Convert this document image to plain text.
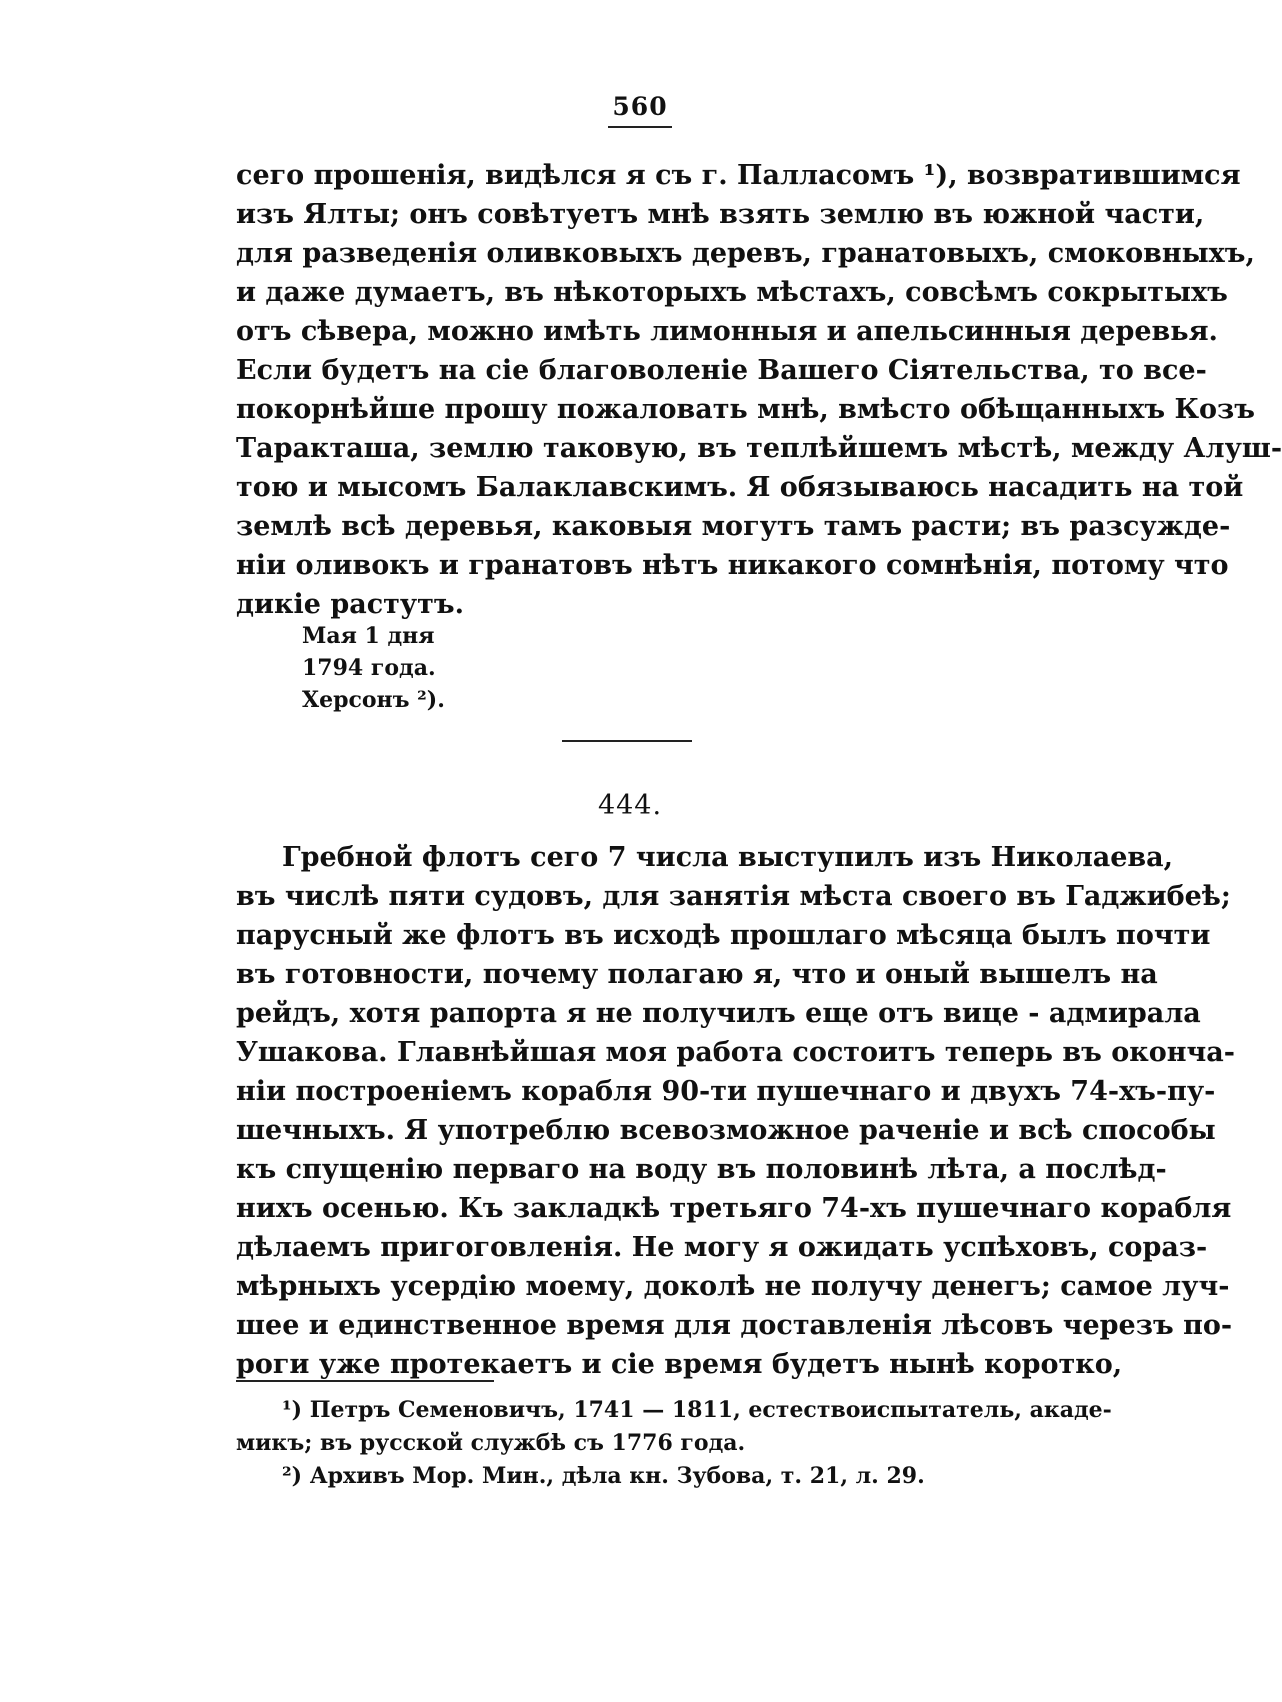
560
сего прошенія, видѣлся я съ г. Палласомъ ¹), возвратившимся
изъ Ялты; онъ совѣтуетъ мнѣ взять землю въ южной части,
для разведенія оливковыхъ деревъ, гранатовыхъ, смоковныхъ,
и даже думаетъ, въ нѣкоторыхъ мѣстахъ, совсѣмъ сокрытыхъ
отъ сѣвера, можно имѣть лимонныя и апельсинныя деревья.
Если будетъ на сіе благоволеніе Вашего Сіятельства, то все-
покорнѣйше прошу пожаловать мнѣ, вмѣсто обѣщанныхъ Козъ
Таракташа, землю таковую, въ теплѣйшемъ мѣстѣ, между Алуш-
тою и мысомъ Балаклавскимъ. Я обязываюсь насадить на той
землѣ всѣ деревья, каковыя могутъ тамъ расти; въ разсужде-
ніи оливокъ и гранатовъ нѣтъ никакого сомнѣнія, потому что
дикіе растутъ.
Мая 1 дня
1794 года.
Херсонъ ²).
444.
Гребной флотъ сего 7 числа выступилъ изъ Николаева,
въ числѣ пяти судовъ, для занятія мѣста своего въ Гаджибеѣ;
парусный же флотъ въ исходѣ прошлаго мѣсяца былъ почти
въ готовности, почему полагаю я, что и оный вышелъ на
рейдъ, хотя рапорта я не получилъ еще отъ вице - адмирала
Ушакова. Главнѣйшая моя работа состоитъ теперь въ оконча-
ніи построеніемъ корабля 90-ти пушечнаго и двухъ 74-хъ-пу-
шечныхъ. Я употреблю всевозможное раченіе и всѣ способы
къ спущенію перваго на воду въ половинѣ лѣта, а послѣд-
нихъ осенью. Къ закладкѣ третьяго 74-хъ пушечнаго корабля
дѣлаемъ пригоговленія. Не могу я ожидать успѣховъ, сораз-
мѣрныхъ усердію моему, доколѣ не получу денегъ; самое луч-
шее и единственное время для доставленія лѣсовъ черезъ по-
роги уже протекаетъ и сіе время будетъ нынѣ коротко,
¹) Петръ Семеновичъ, 1741 — 1811, естествоиспытатель, акаде-
микъ; въ русской службѣ съ 1776 года.
²) Архивъ Мор. Мин., дѣла кн. Зубова, т. 21, л. 29.
